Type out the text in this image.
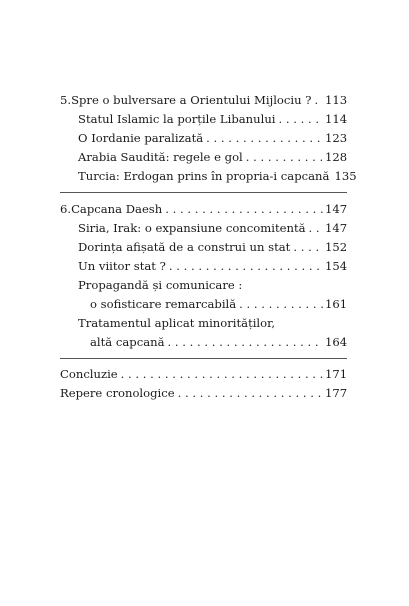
5. Spre o bulversare a Orientului Mijlociu ? . . . 113
Statul Islamic la porțile Libanului . . .	114
O Iordanie paralizată . . .	123
Arabia Saudită: regele e gol . . .	128
Turcia: Erdogan prins în propria-i capcană 135
6. Capcana Daesh . . .	147
Siria, Irak: o expansiune concomitentă . . . 147
Dorința afișată de a construi un stat . . .	152
Un viitor stat ? . . .	154
Propagandă și comunicare :
o sofisticare remarcabilă . . .	161
Tratamentul aplicat minorităților,
altă capcană . . .	164
Concluzie . . .	171
Repere cronologice . . .	177
